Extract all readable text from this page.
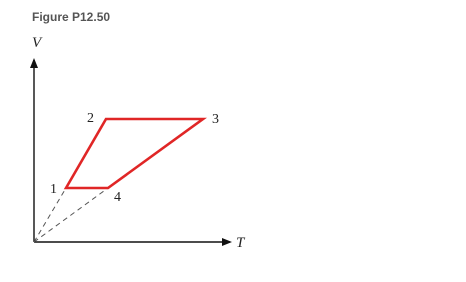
Figure P12.50
V
T
1
2	3
4
